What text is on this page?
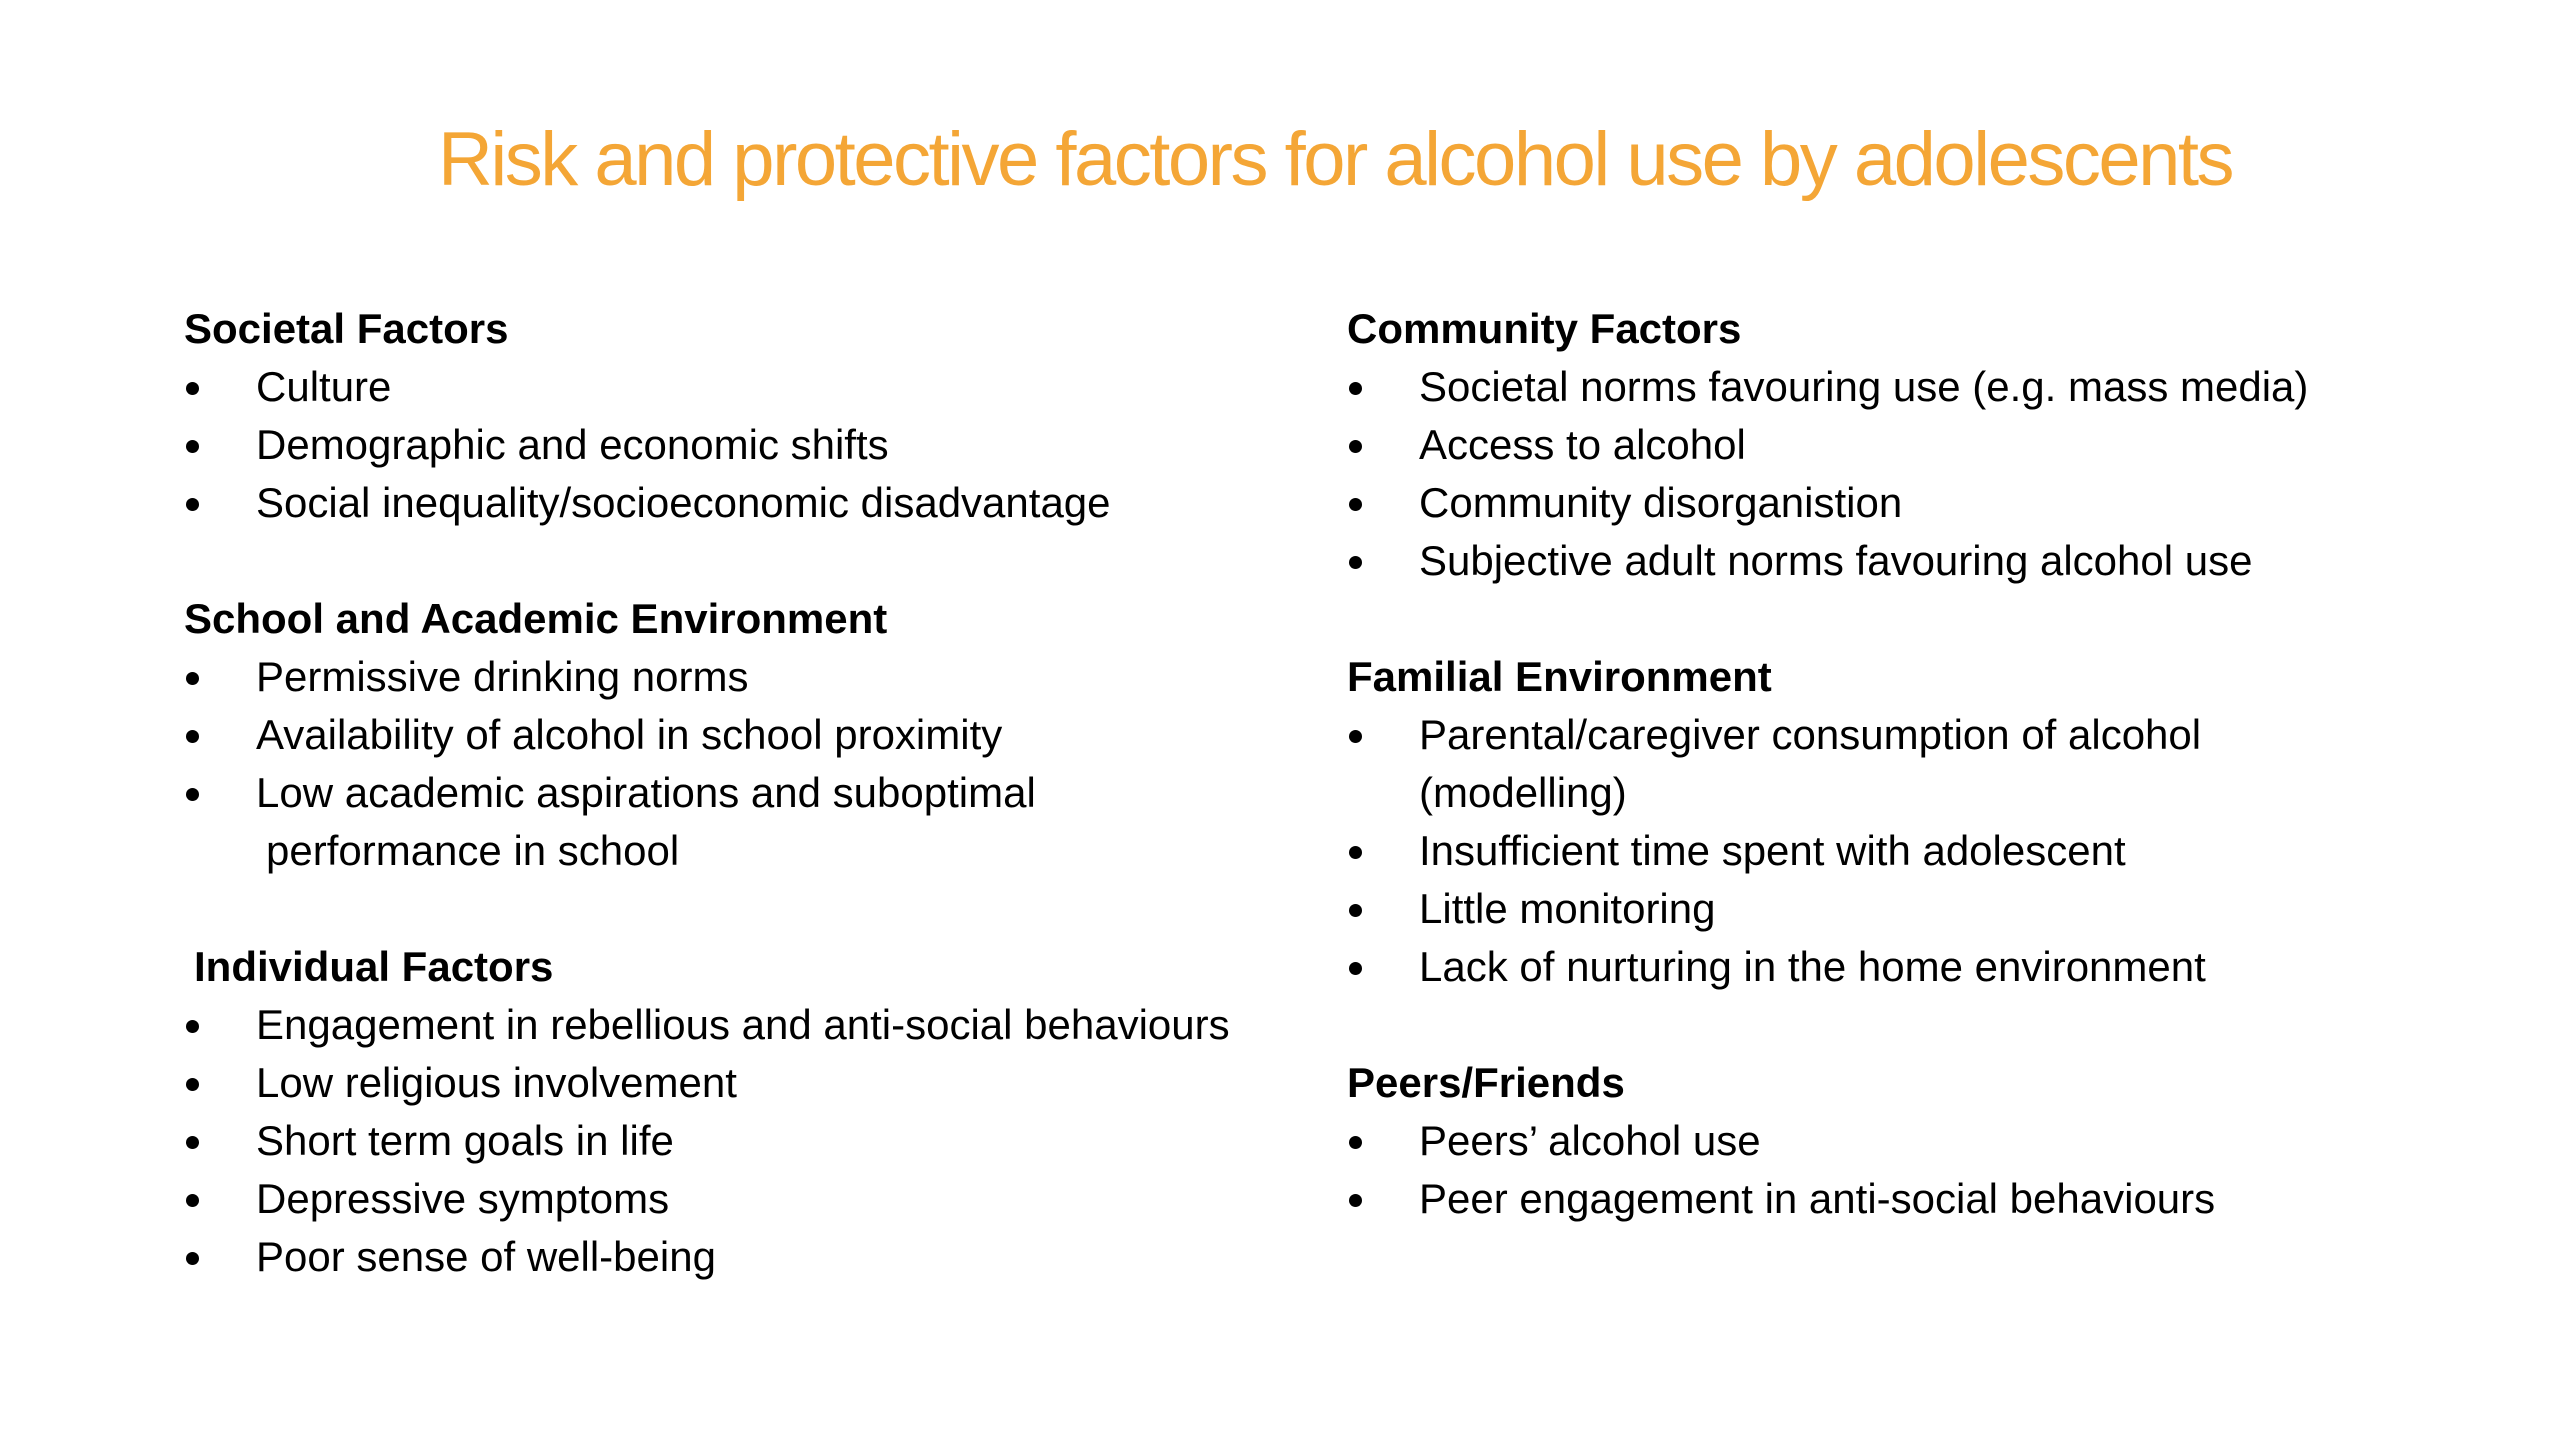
Risk and protective factors for alcohol use by adolescents
Societal Factors
Culture
Demographic and economic shifts
Social inequality/socioeconomic disadvantage
School and Academic Environment
Permissive drinking norms
Availability of alcohol in school proximity
Low academic aspirations and suboptimal
performance in school
Individual Factors
Engagement in rebellious and anti-social behaviours
Low religious involvement
Short term goals in life
Depressive symptoms
Poor sense of well-being
Community Factors
Societal norms favouring use (e.g. mass media)
Access to alcohol
Community disorganistion
Subjective adult norms favouring alcohol use
Familial Environment
Parental/caregiver consumption of alcohol
(modelling)
Insufficient time spent with adolescent
Little monitoring
Lack of nurturing in the home environment
Peers/Friends
Peers’ alcohol use
Peer engagement in anti-social behaviours
